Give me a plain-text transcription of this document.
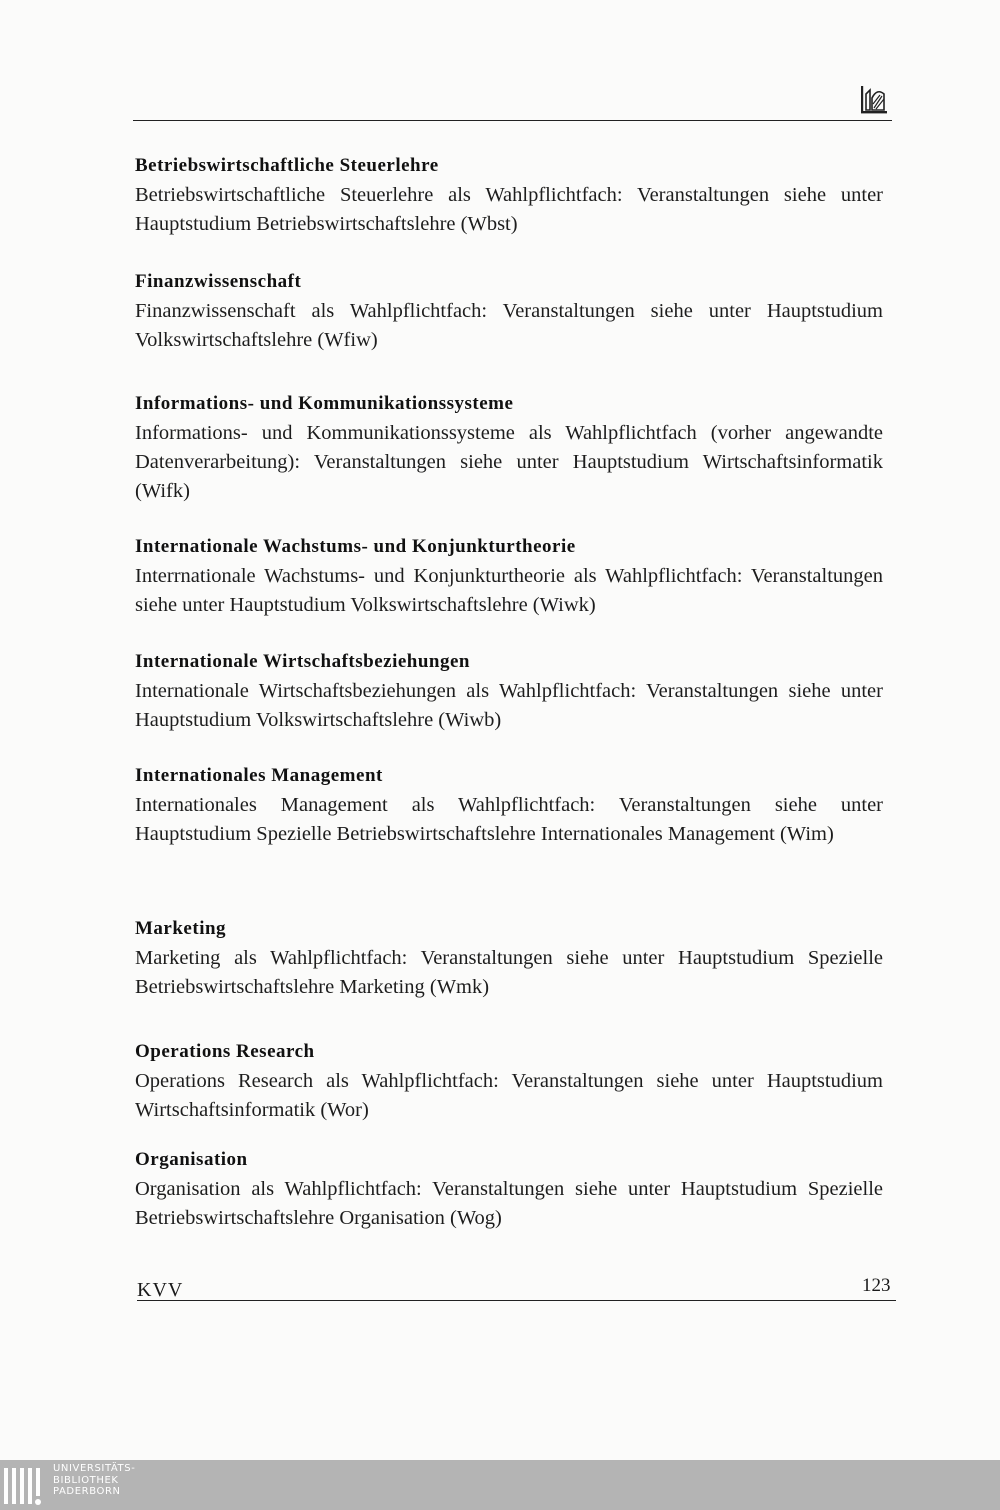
Betriebswirtschaftliche Steuerlehre

Betriebswirtschaftliche Steuerlehre als Wahlpflichtfach: Veranstaltungen siehe unter Hauptstudium Betriebswirtschaftslehre (Wbst)

Finanzwissenschaft

Finanzwissenschaft als Wahlpflichtfach: Veranstaltungen siehe unter Hauptstudium Volkswirtschaftslehre (Wfiw)

Informations- und Kommunikationssysteme

Informations- und Kommunikationssysteme als Wahlpflichtfach (vorher angewandte Datenverarbeitung): Veranstaltungen siehe unter Hauptstudium Wirtschaftsinformatik (Wifk)

Internationale Wachstums- und Konjunkturtheorie

Interrnationale Wachstums- und Konjunkturtheorie als Wahlpflichtfach: Veranstaltungen siehe unter Hauptstudium Volkswirtschaftslehre (Wiwk)

Internationale Wirtschaftsbeziehungen

Internationale Wirtschaftsbeziehungen als Wahlpflichtfach: Veranstaltungen siehe unter Hauptstudium Volkswirtschaftslehre (Wiwb)

Internationales Management

Internationales Management als Wahlpflichtfach: Veranstaltungen siehe unter Hauptstudium Spezielle Betriebswirtschaftslehre Internationales Management (Wim)

Marketing

Marketing als Wahlpflichtfach: Veranstaltungen siehe unter Hauptstudium Spezielle Betriebswirtschaftslehre Marketing (Wmk)

Operations Research

Operations Research als Wahlpflichtfach: Veranstaltungen siehe unter Hauptstudium Wirtschaftsinformatik (Wor)

Organisation

Organisation als Wahlpflichtfach: Veranstaltungen siehe unter Hauptstudium Spezielle Betriebswirtschaftslehre Organisation (Wog)

KVV	123
UNIVERSITÄTS-
BIBLIOTHEK
PADERBORN
